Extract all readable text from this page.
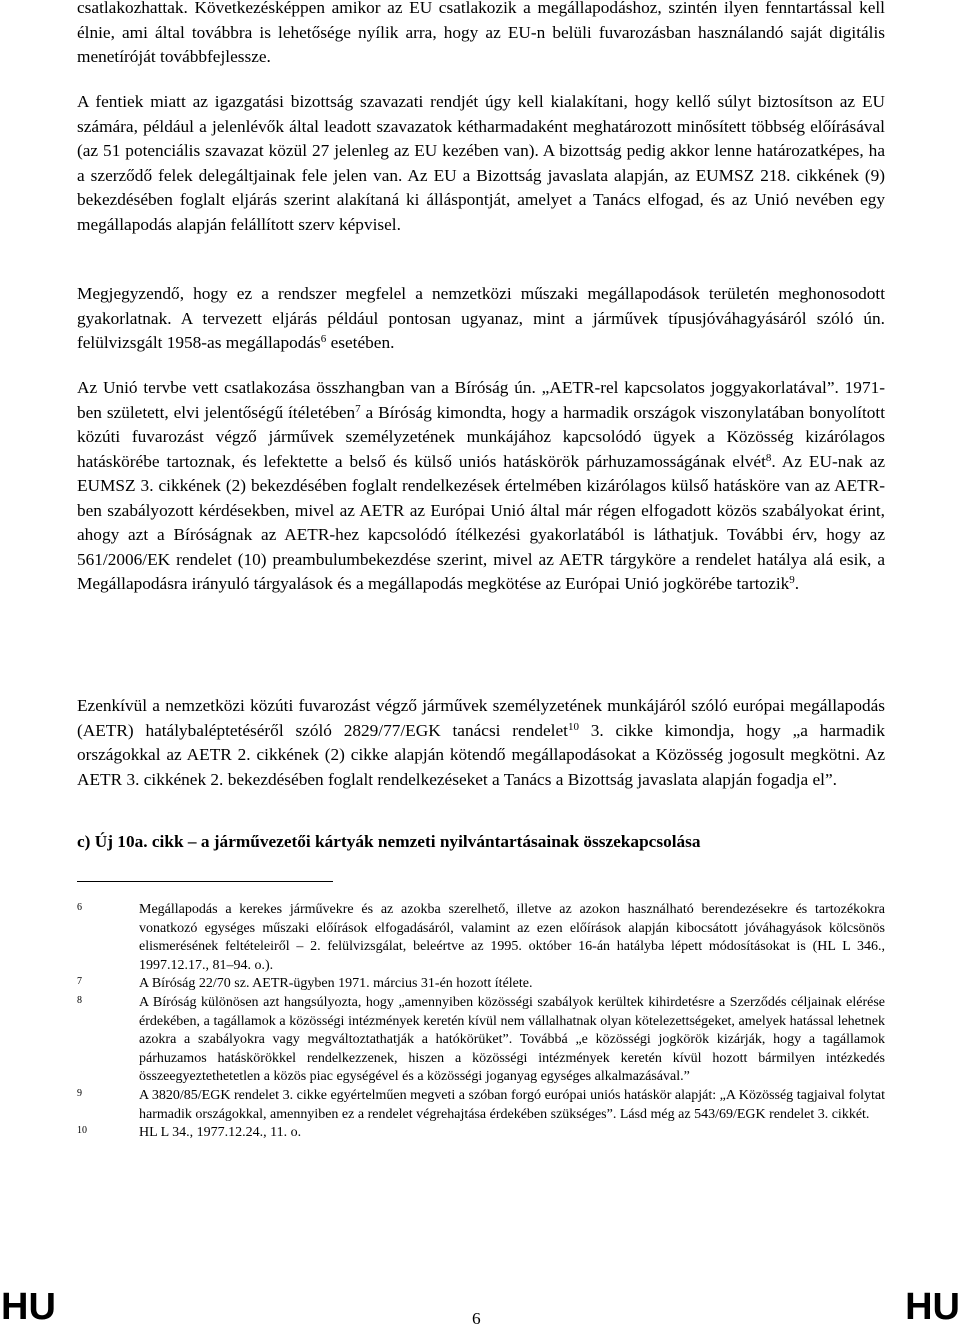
csatlakozhattak. Következésképpen amikor az EU csatlakozik a megállapodáshoz, szintén ilyen fenntartással kell élnie, ami által továbbra is lehetősége nyílik arra, hogy az EU-n belüli fuvarozásban használandó saját digitális menetíróját továbbfejlessze.

A fentiek miatt az igazgatási bizottság szavazati rendjét úgy kell kialakítani, hogy kellő súlyt biztosítson az EU számára, például a jelenlévők által leadott szavazatok kétharmadaként meghatározott minősített többség előírásával (az 51 potenciális szavazat közül 27 jelenleg az EU kezében van). A bizottság pedig akkor lenne határozatképes, ha a szerződő felek delegáltjainak fele jelen van. Az EU a Bizottság javaslata alapján, az EUMSZ 218. cikkének (9) bekezdésében foglalt eljárás szerint alakítaná ki álláspontját, amelyet a Tanács elfogad, és az Unió nevében egy megállapodás alapján felállított szerv képvisel.

Megjegyzendő, hogy ez a rendszer megfelel a nemzetközi műszaki megállapodások területén meghonosodott gyakorlatnak. A tervezett eljárás például pontosan ugyanaz, mint a járművek típusjóváhagyásáról szóló ún. felülvizsgált 1958-as megállapodás$^6$ esetében.

Az Unió tervbe vett csatlakozása összhangban van a Bíróság ún. „AETR-rel kapcsolatos joggyakorlatával”. 1971-ben született, elvi jelentőségű ítéletében$^7$ a Bíróság kimondta, hogy a harmadik országok viszonylatában bonyolított közúti fuvarozást végző járművek személyzetének munkájához kapcsolódó ügyek a Közösség kizárólagos hatáskörébe tartoznak, és lefektette a belső és külső uniós hatáskörök párhuzamosságának elvét$^8$. Az EU-nak az EUMSZ 3. cikkének (2) bekezdésében foglalt rendelkezések értelmében kizárólagos külső hatásköre van az AETR-ben szabályozott kérdésekben, mivel az AETR az Európai Unió által már régen elfogadott közös szabályokat érint, ahogy azt a Bíróságnak az AETR-hez kapcsolódó ítélkezési gyakorlatából is láthatjuk. További érv, hogy az 561/2006/EK rendelet (10) preambulumbekezdése szerint, mivel az AETR tárgyköre a rendelet hatálya alá esik, a Megállapodásra irányuló tárgyalások és a megállapodás megkötése az Európai Unió jogkörébe tartozik$^9$.

Ezenkívül a nemzetközi közúti fuvarozást végző járművek személyzetének munkájáról szóló európai megállapodás (AETR) hatálybaléptetéséről szóló 2829/77/EGK tanácsi rendelet$^{10}$ 3. cikke kimondja, hogy „a harmadik országokkal az AETR 2. cikkének (2) cikke alapján kötendő megállapodásokat a Közösség jogosult megkötni. Az AETR 3. cikkének 2. bekezdésében foglalt rendelkezéseket a Tanács a Bizottság javaslata alapján fogadja el”.

c) Új 10a. cikk – a járművezetői kártyák nemzeti nyilvántartásainak összekapcsolása
6	Megállapodás a kerekes járművekre és az azokba szerelhető, illetve az azokon használható berendezésekre és tartozékokra vonatkozó egységes műszaki előírások elfogadásáról, valamint az ezen előírások alapján kibocsátott jóváhagyások kölcsönös elismerésének feltételeiről – 2. felülvizsgálat, beleértve az 1995. október 16-án hatályba lépett módosításokat is (HL L 346., 1997.12.17., 81–94. o.).
7	A Bíróság 22/70 sz. AETR-ügyben 1971. március 31-én hozott ítélete.
8	A Bíróság különösen azt hangsúlyozta, hogy „amennyiben közösségi szabályok kerültek kihirdetésre a Szerződés céljainak elérése érdekében, a tagállamok a közösségi intézmények keretén kívül nem vállalhatnak olyan kötelezettségeket, amelyek hatással lehetnek azokra a szabályokra vagy megváltoztathatják a hatókörüket”. Továbbá „e közösségi jogkörök kizárják, hogy a tagállamok párhuzamos hatáskörökkel rendelkezzenek, hiszen a közösségi intézmények keretén kívül hozott bármilyen intézkedés összeegyeztethetetlen a közös piac egységével és a közösségi joganyag egységes alkalmazásával.”
9	A 3820/85/EGK rendelet 3. cikke egyértelműen megveti a szóban forgó európai uniós hatáskör alapját: „A Közösség tagjaival folytat harmadik országokkal, amennyiben ez a rendelet végrehajtása érdekében szükséges”. Lásd még az 543/69/EGK rendelet 3. cikkét.
10	HL L 34., 1977.12.24., 11. o.
HU	6	HU
